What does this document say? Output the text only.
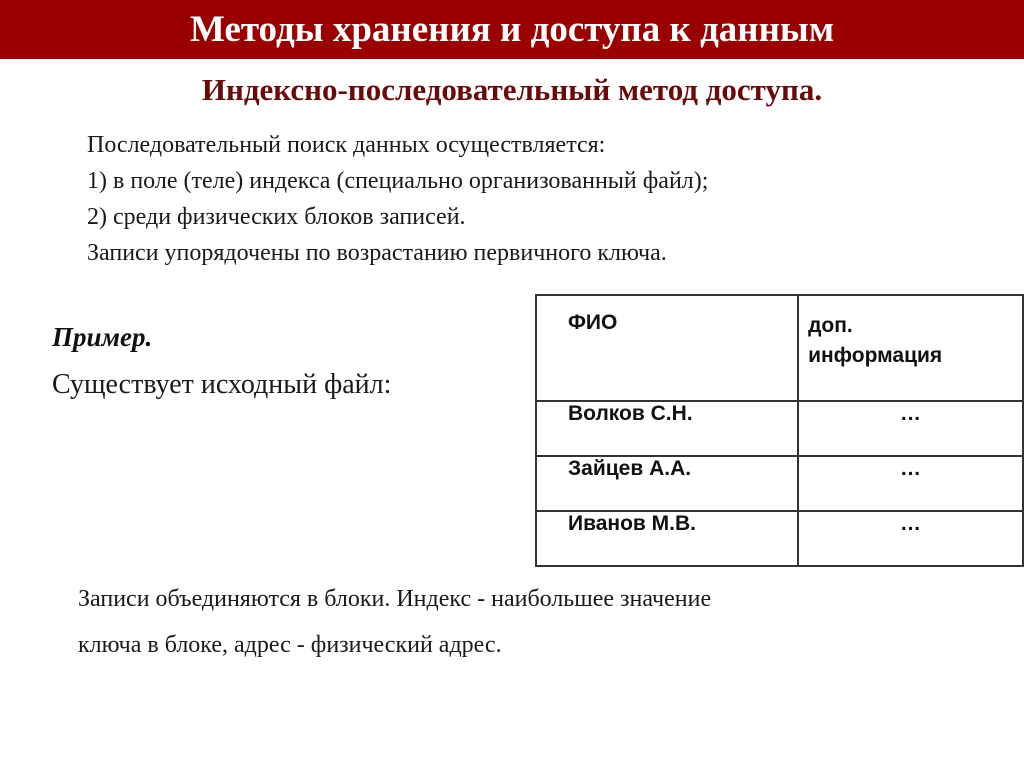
Методы хранения и доступа к данным
Индексно-последовательный метод доступа.
Последовательный поиск данных осуществляется:
1) в поле (теле) индекса (специально организованный файл);
2) среди физических блоков записей.
Записи упорядочены по возрастанию первичного ключа.
Пример.
Существует исходный файл:
ФИО	доп.
информация

Волков С.Н.	…
Зайцев А.А.	…
Иванов М.В.	…
Записи объединяются в блоки. Индекс - наибольшее значение
ключа в блоке, адрес - физический адрес.
